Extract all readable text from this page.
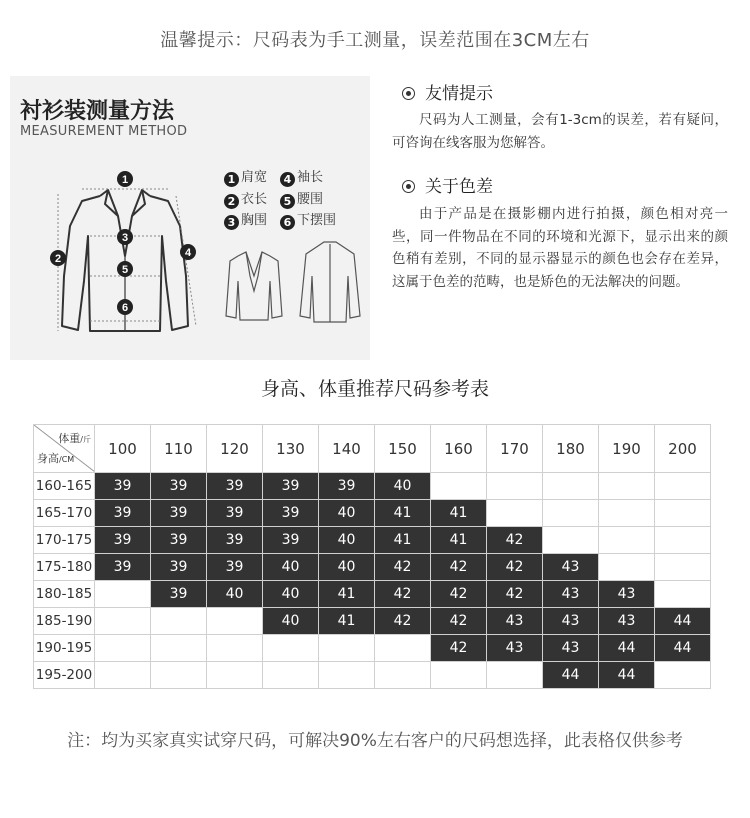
温馨提示：尺码表为手工测量，误差范围在3CM左右
衬衫装测量方法
MEASUREMENT METHOD
1
2
3
4
5
6
1 肩宽	4 袖长
2 衣长	5 腰围
3 胸围	6 下摆围
友情提示
尺码为人工测量，会有1-3cm的误差，若有疑问，可咨询在线客服为您解答。
关于色差
由于产品是在摄影棚内进行拍摄，颜色相对亮一些，同一件物品在不同的环境和光源下，显示出来的颜色稍有差别，不同的显示器显示的颜色也会存在差异，这属于色差的范畴，也是矫色的无法解决的问题。
身高、体重推荐尺码参考表
体重/斤
身高/CM	100	110	120	130	140	150	160	170	180	190	200
160-165	39	39	39	39	39	40					
165-170	39	39	39	39	40	41	41				
170-175	39	39	39	39	40	41	41	42			
175-180	39	39	39	40	40	42	42	42	43		
180-185		39	40	40	41	42	42	42	43	43	
185-190				40	41	42	42	43	43	43	44
190-195							42	43	43	44	44
195-200									44	44	
注：均为买家真实试穿尺码，可解决90%左右客户的尺码想选择，此表格仅供参考
